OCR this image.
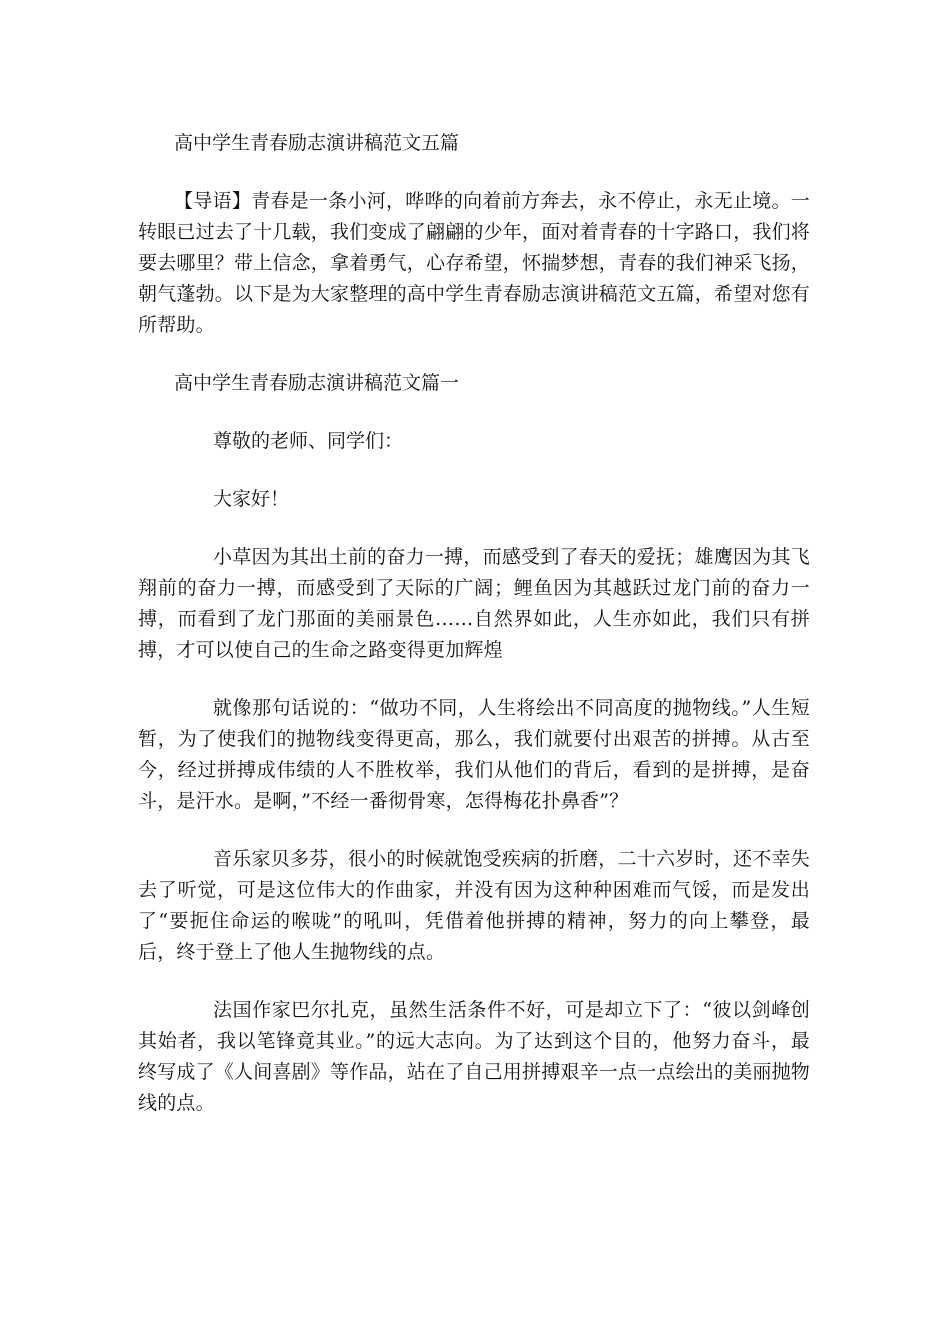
高中学生青春励志演讲稿范文五篇

【导语】青春是一条小河，哗哗的向着前方奔去，永不停止，永无止境。一转眼已过去了十几载，我们变成了翩翩的少年，面对着青春的十字路口，我们将要去哪里？带上信念，拿着勇气，心存希望，怀揣梦想，青春的我们神采飞扬，朝气蓬勃。以下是为大家整理的高中学生青春励志演讲稿范文五篇，希望对您有所帮助。

高中学生青春励志演讲稿范文篇一
尊敬的老师、同学们：
大家好！

小草因为其出土前的奋力一搏，而感受到了春天的爱抚；雄鹰因为其飞翔前的奋力一搏，而感受到了天际的广阔；鲤鱼因为其越跃过龙门前的奋力一搏，而看到了龙门那面的美丽景色……自然界如此，人生亦如此，我们只有拼搏，才可以使自己的生命之路变得更加辉煌

就像那句话说的：“做功不同，人生将绘出不同高度的抛物线。”人生短暂，为了使我们的抛物线变得更高，那么，我们就要付出艰苦的拼搏。从古至今，经过拼搏成伟绩的人不胜枚举，我们从他们的背后，看到的是拼搏，是奋斗，是汗水。是啊，”不经一番彻骨寒，怎得梅花扑鼻香”？

音乐家贝多芬，很小的时候就饱受疾病的折磨，二十六岁时，还不幸失去了听觉，可是这位伟大的作曲家，并没有因为这种种困难而气馁，而是发出了“要扼住命运的喉咙”的吼叫，凭借着他拼搏的精神，努力的向上攀登，最后，终于登上了他人生抛物线的点。

法国作家巴尔扎克，虽然生活条件不好，可是却立下了：“彼以剑峰创其始者，我以笔锋竟其业。”的远大志向。为了达到这个目的，他努力奋斗，最终写成了《人间喜剧》等作品，站在了自己用拼搏艰辛一点一点绘出的美丽抛物线的点。
